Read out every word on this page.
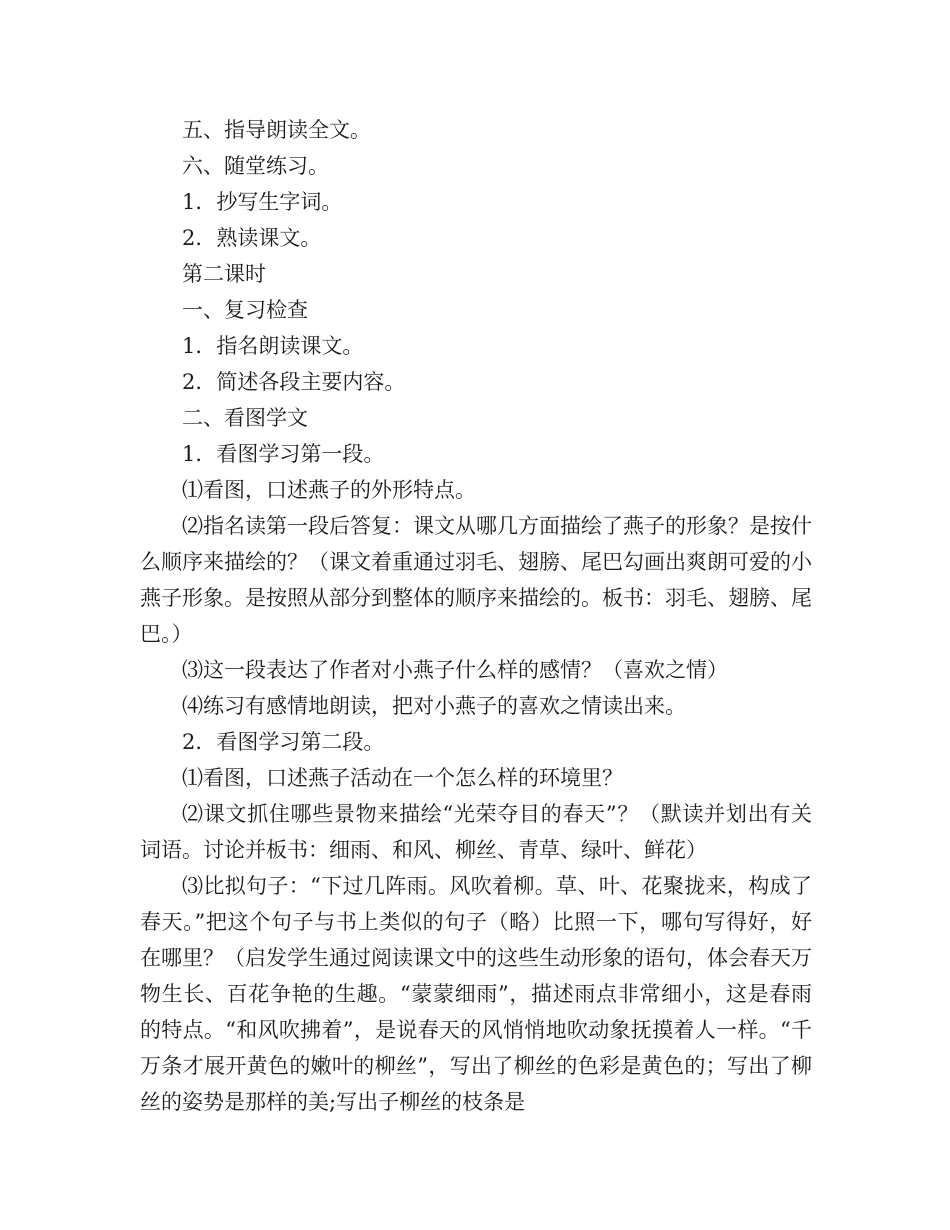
五、指导朗读全文。

六、随堂练习。

1．抄写生字词。

2．熟读课文。

第二课时

一、复习检查

1．指名朗读课文。

2．简述各段主要内容。

二、看图学文

1．看图学习第一段。

⑴看图，口述燕子的外形特点。

⑵指名读第一段后答复：课文从哪几方面描绘了燕子的形象？是按什么顺序来描绘的？（课文着重通过羽毛、翅膀、尾巴勾画出爽朗可爱的小燕子形象。是按照从部分到整体的顺序来描绘的。板书：羽毛、翅膀、尾巴。）

⑶这一段表达了作者对小燕子什么样的感情？（喜欢之情）

⑷练习有感情地朗读，把对小燕子的喜欢之情读出来。

2．看图学习第二段。

⑴看图，口述燕子活动在一个怎么样的环境里？

⑵课文抓住哪些景物来描绘“光荣夺目的春天”？（默读并划出有关词语。讨论并板书：细雨、和风、柳丝、青草、绿叶、鲜花）

⑶比拟句子：“下过几阵雨。风吹着柳。草、叶、花聚拢来，构成了春天。”把这个句子与书上类似的句子（略）比照一下，哪句写得好，好在哪里？（启发学生通过阅读课文中的这些生动形象的语句，体会春天万物生长、百花争艳的生趣。“蒙蒙细雨”，描述雨点非常细小，这是春雨的特点。“和风吹拂着”，是说春天的风悄悄地吹动象抚摸着人一样。“千万条才展开黄色的嫩叶的柳丝”，写出了柳丝的色彩是黄色的；写出了柳丝的姿势是那样的美;写出子柳丝的枝条是
